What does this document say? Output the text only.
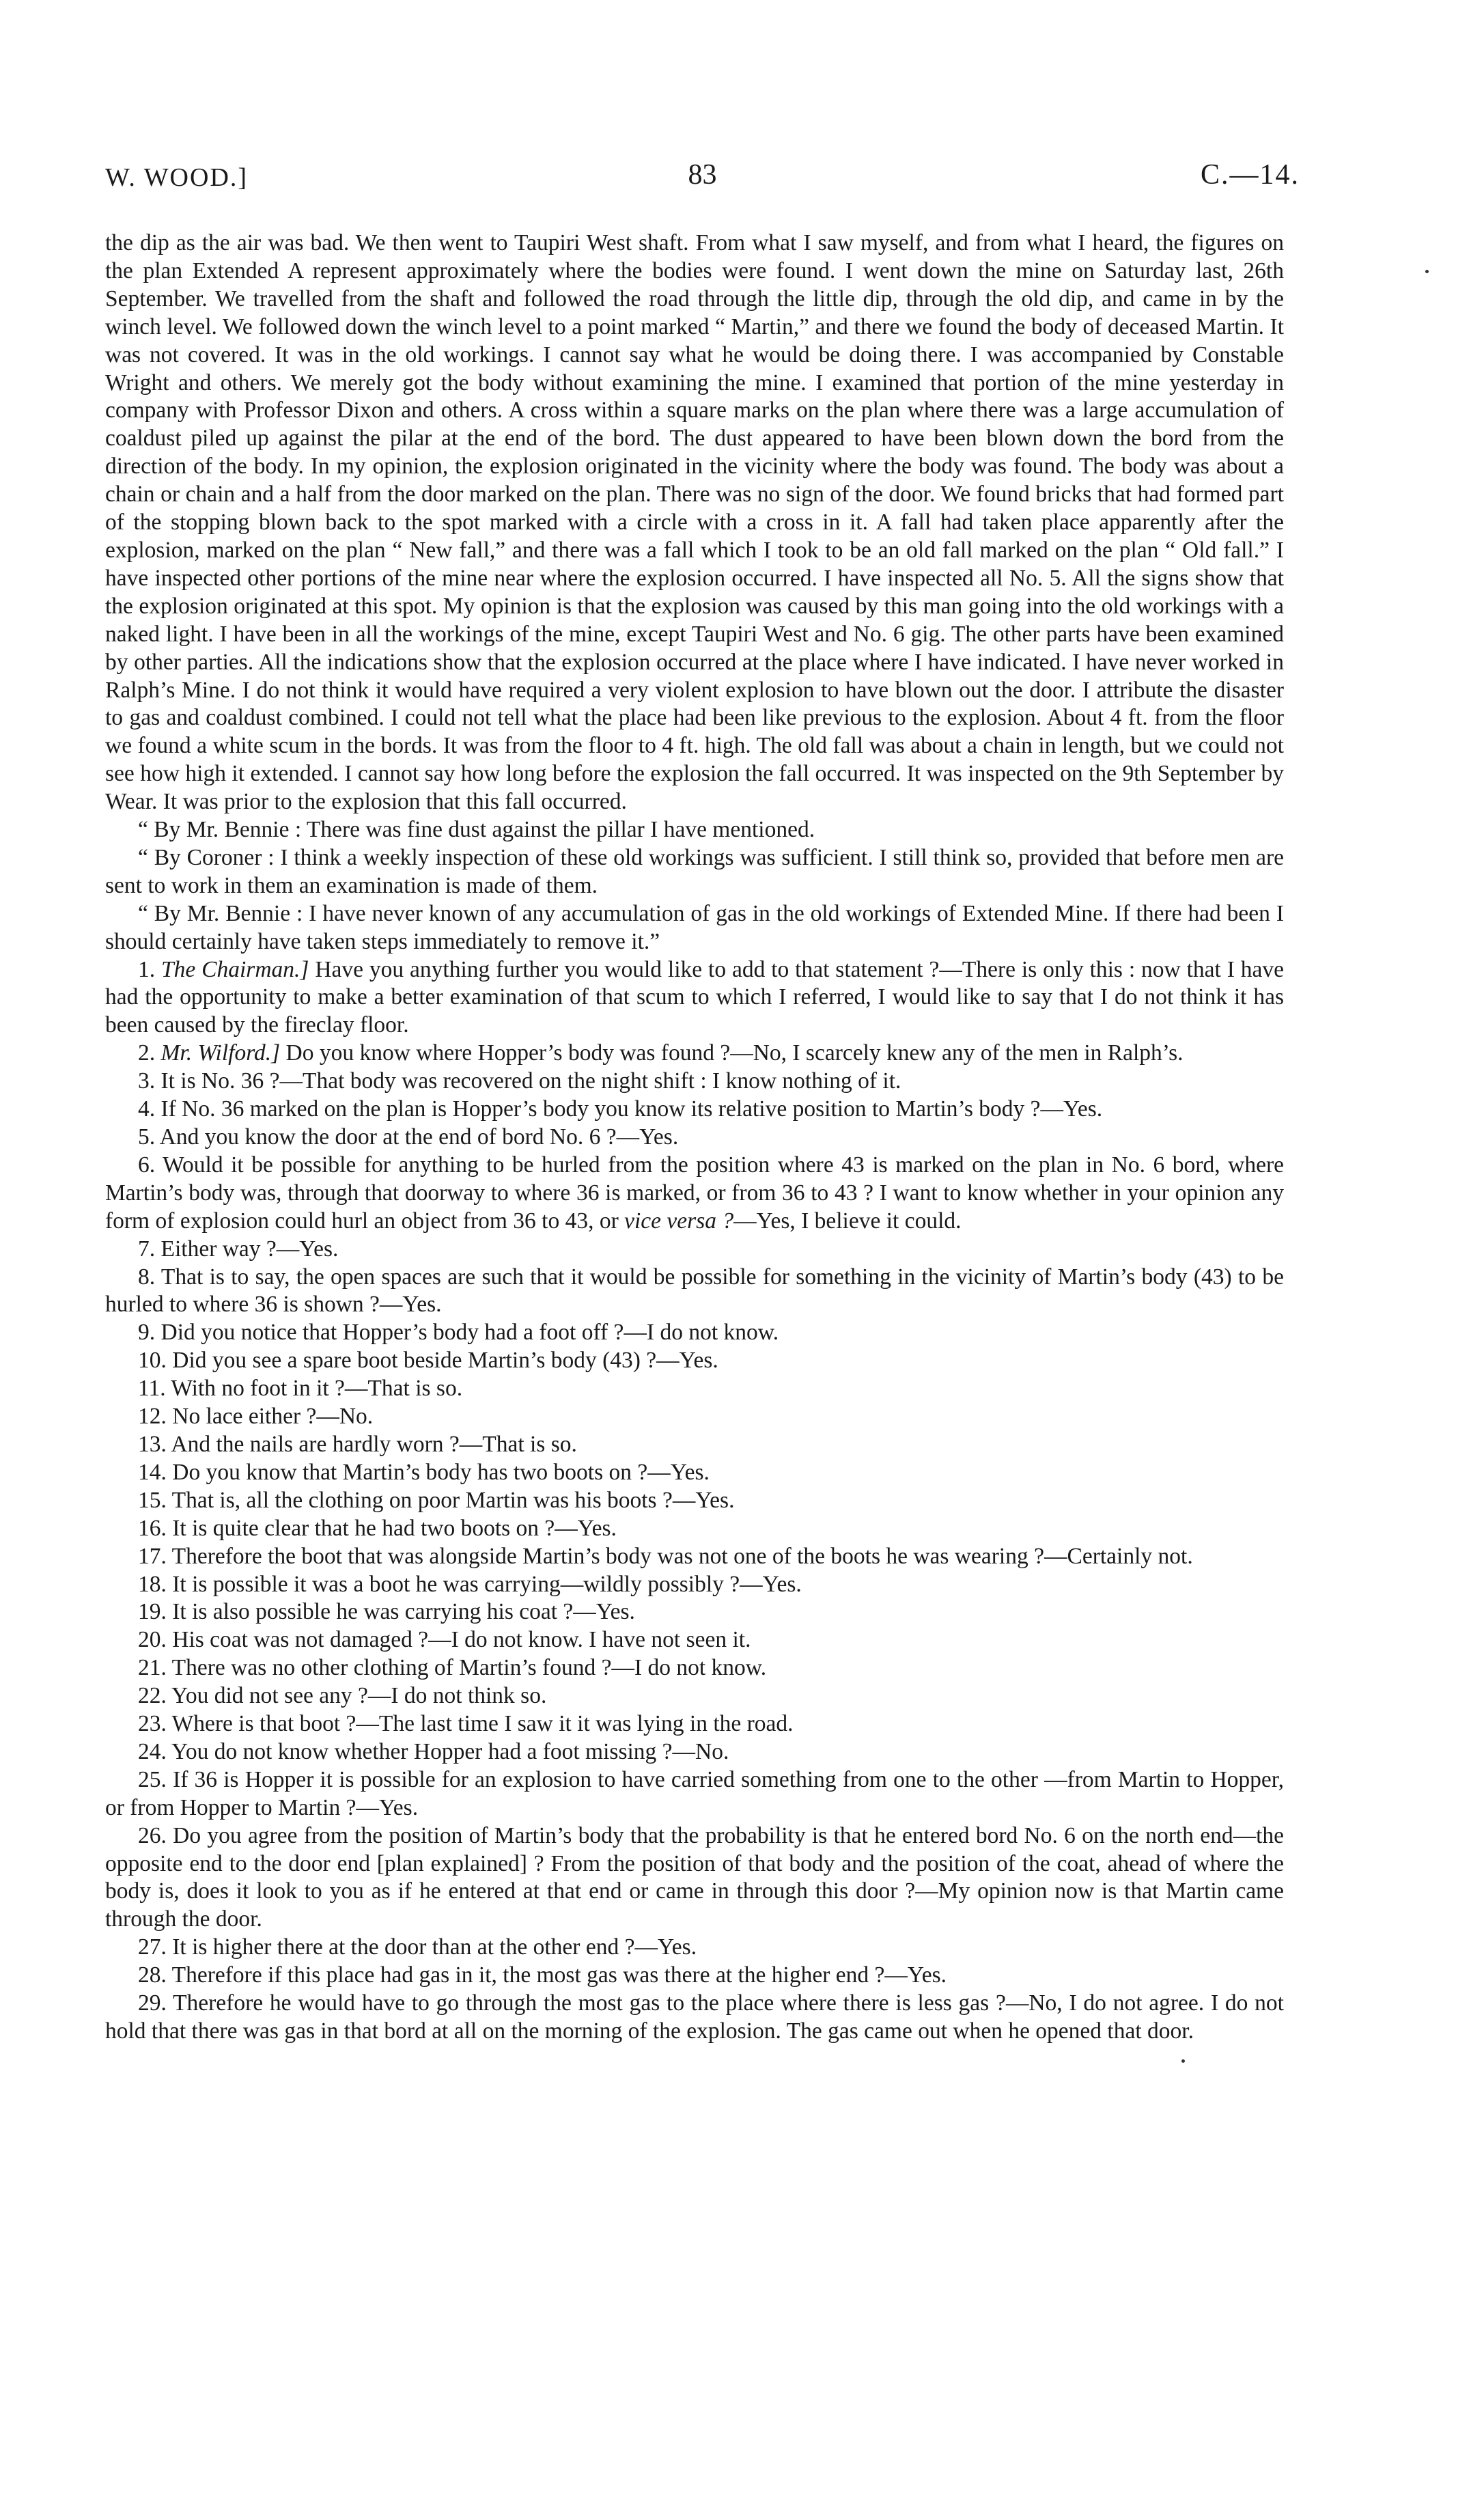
W. WOOD.]	83	C.—14.

the dip as the air was bad. We then went to Taupiri West shaft. From what I saw myself, and from what I heard, the figures on the plan Extended A represent approximately where the bodies were found. I went down the mine on Saturday last, 26th September. We travelled from the shaft and followed the road through the little dip, through the old dip, and came in by the winch level. We followed down the winch level to a point marked “ Martin,” and there we found the body of deceased Martin. It was not covered. It was in the old workings. I cannot say what he would be doing there. I was accompanied by Constable Wright and others. We merely got the body without examining the mine. I examined that portion of the mine yesterday in company with Professor Dixon and others. A cross within a square marks on the plan where there was a large accumulation of coaldust piled up against the pilar at the end of the bord. The dust appeared to have been blown down the bord from the direction of the body. In my opinion, the explosion originated in the vicinity where the body was found. The body was about a chain or chain and a half from the door marked on the plan. There was no sign of the door. We found bricks that had formed part of the stopping blown back to the spot marked with a circle with a cross in it. A fall had taken place apparently after the explosion, marked on the plan “ New fall,” and there was a fall which I took to be an old fall marked on the plan “ Old fall.” I have inspected other portions of the mine near where the explosion occurred. I have inspected all No. 5. All the signs show that the explosion originated at this spot. My opinion is that the explosion was caused by this man going into the old workings with a naked light. I have been in all the workings of the mine, except Taupiri West and No. 6 gig. The other parts have been examined by other parties. All the indications show that the explosion occurred at the place where I have indicated. I have never worked in Ralph’s Mine. I do not think it would have required a very violent explosion to have blown out the door. I attribute the disaster to gas and coaldust combined. I could not tell what the place had been like previous to the explosion. About 4 ft. from the floor we found a white scum in the bords. It was from the floor to 4 ft. high. The old fall was about a chain in length, but we could not see how high it extended. I cannot say how long before the explosion the fall occurred. It was inspected on the 9th September by Wear. It was prior to the explosion that this fall occurred.

“ By Mr. Bennie : There was fine dust against the pillar I have mentioned.

“ By Coroner : I think a weekly inspection of these old workings was sufficient. I still think so, provided that before men are sent to work in them an examination is made of them.

“ By Mr. Bennie : I have never known of any accumulation of gas in the old workings of Extended Mine. If there had been I should certainly have taken steps immediately to remove it.”

1. The Chairman.] Have you anything further you would like to add to that statement ?—There is only this : now that I have had the opportunity to make a better examination of that scum to which I referred, I would like to say that I do not think it has been caused by the fireclay floor.

2. Mr. Wilford.] Do you know where Hopper’s body was found ?—No, I scarcely knew any of the men in Ralph’s.

3. It is No. 36 ?—That body was recovered on the night shift : I know nothing of it.

4. If No. 36 marked on the plan is Hopper’s body you know its relative position to Martin’s body ?—Yes.

5. And you know the door at the end of bord No. 6 ?—Yes.

6. Would it be possible for anything to be hurled from the position where 43 is marked on the plan in No. 6 bord, where Martin’s body was, through that doorway to where 36 is marked, or from 36 to 43 ? I want to know whether in your opinion any form of explosion could hurl an object from 36 to 43, or vice versa ?—Yes, I believe it could.

7. Either way ?—Yes.

8. That is to say, the open spaces are such that it would be possible for something in the vicinity of Martin’s body (43) to be hurled to where 36 is shown ?—Yes.

9. Did you notice that Hopper’s body had a foot off ?—I do not know.

10. Did you see a spare boot beside Martin’s body (43) ?—Yes.

11. With no foot in it ?—That is so.

12. No lace either ?—No.

13. And the nails are hardly worn ?—That is so.

14. Do you know that Martin’s body has two boots on ?—Yes.

15. That is, all the clothing on poor Martin was his boots ?—Yes.

16. It is quite clear that he had two boots on ?—Yes.

17. Therefore the boot that was alongside Martin’s body was not one of the boots he was wearing ?—Certainly not.

18. It is possible it was a boot he was carrying—wildly possibly ?—Yes.

19. It is also possible he was carrying his coat ?—Yes.

20. His coat was not damaged ?—I do not know. I have not seen it.

21. There was no other clothing of Martin’s found ?—I do not know.

22. You did not see any ?—I do not think so.

23. Where is that boot ?—The last time I saw it it was lying in the road.

24. You do not know whether Hopper had a foot missing ?—No.

25. If 36 is Hopper it is possible for an explosion to have carried something from one to the other —from Martin to Hopper, or from Hopper to Martin ?—Yes.

26. Do you agree from the position of Martin’s body that the probability is that he entered bord No. 6 on the north end—the opposite end to the door end [plan explained] ? From the position of that body and the position of the coat, ahead of where the body is, does it look to you as if he entered at that end or came in through this door ?—My opinion now is that Martin came through the door.

27. It is higher there at the door than at the other end ?—Yes.

28. Therefore if this place had gas in it, the most gas was there at the higher end ?—Yes.

29. Therefore he would have to go through the most gas to the place where there is less gas ?—No, I do not agree. I do not hold that there was gas in that bord at all on the morning of the explosion. The gas came out when he opened that door.
